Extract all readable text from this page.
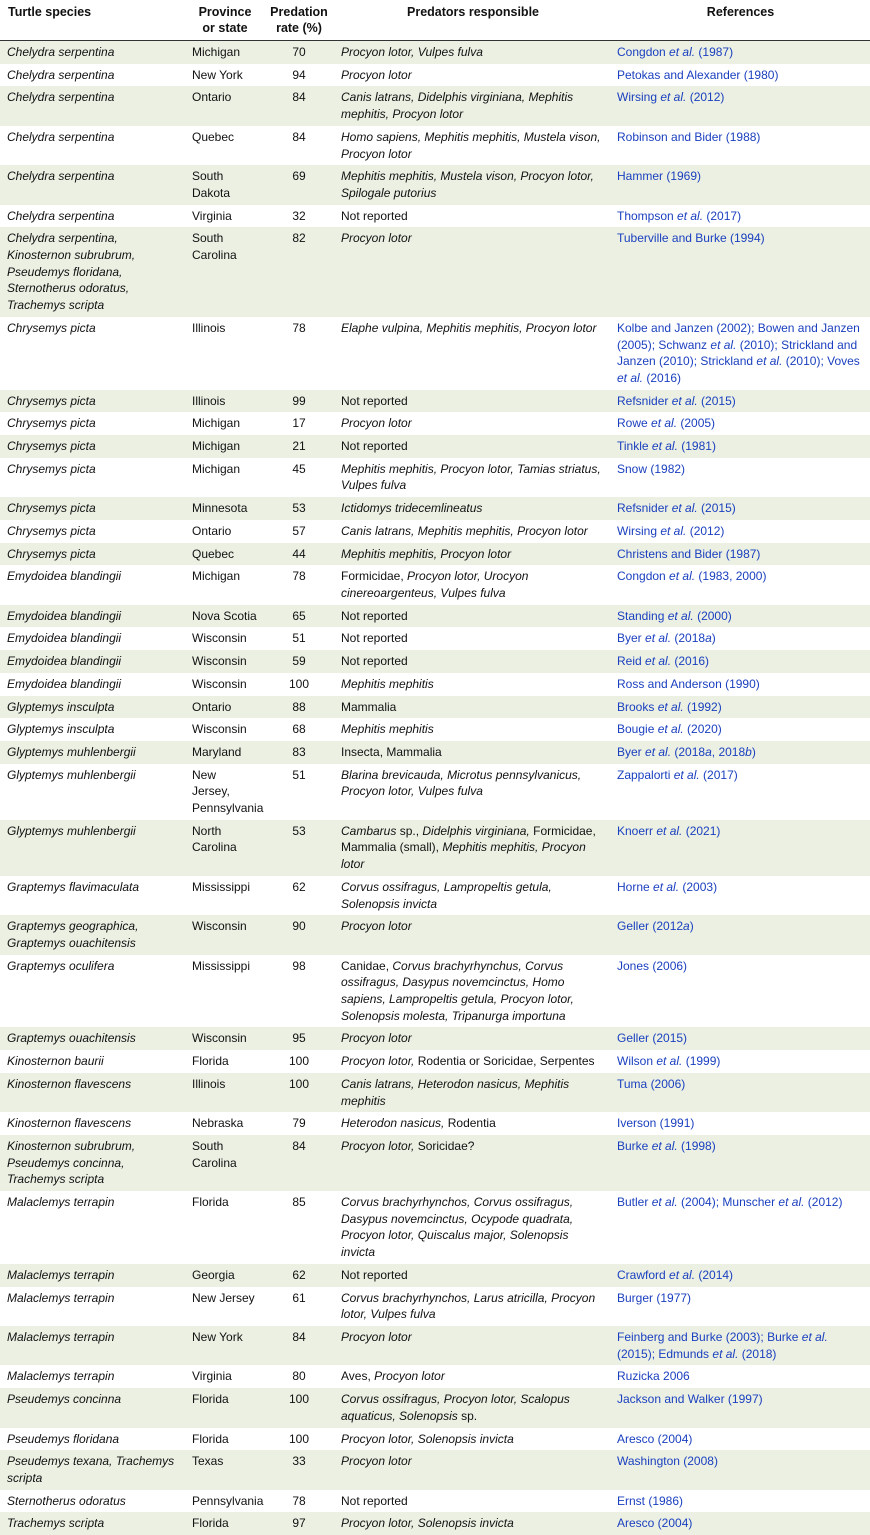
Turtle species	Province or state	Predation rate (%)	Predators responsible	References
Chelydra serpentina	Michigan	70	Procyon lotor, Vulpes fulva	Congdon et al. (1987)
Chelydra serpentina	New York	94	Procyon lotor	Petokas and Alexander (1980)
Chelydra serpentina	Ontario	84	Canis latrans, Didelphis virginiana, Mephitis mephitis, Procyon lotor	Wirsing et al. (2012)
Chelydra serpentina	Quebec	84	Homo sapiens, Mephitis mephitis, Mustela vison, Procyon lotor	Robinson and Bider (1988)
Chelydra serpentina	South Dakota	69	Mephitis mephitis, Mustela vison, Procyon lotor, Spilogale putorius	Hammer (1969)
Chelydra serpentina	Virginia	32	Not reported	Thompson et al. (2017)
Chelydra serpentina, Kinosternon subrubrum, Pseudemys floridana, Sternotherus odoratus, Trachemys scripta	South Carolina	82	Procyon lotor	Tuberville and Burke (1994)
Chrysemys picta	Illinois	78	Elaphe vulpina, Mephitis mephitis, Procyon lotor	Kolbe and Janzen (2002); Bowen and Janzen (2005); Schwanz et al. (2010); Strickland and Janzen (2010); Strickland et al. (2010); Voves et al. (2016)
Chrysemys picta	Illinois	99	Not reported	Refsnider et al. (2015)
Chrysemys picta	Michigan	17	Procyon lotor	Rowe et al. (2005)
Chrysemys picta	Michigan	21	Not reported	Tinkle et al. (1981)
Chrysemys picta	Michigan	45	Mephitis mephitis, Procyon lotor, Tamias striatus, Vulpes fulva	Snow (1982)
Chrysemys picta	Minnesota	53	Ictidomys tridecemlineatus	Refsnider et al. (2015)
Chrysemys picta	Ontario	57	Canis latrans, Mephitis mephitis, Procyon lotor	Wirsing et al. (2012)
Chrysemys picta	Quebec	44	Mephitis mephitis, Procyon lotor	Christens and Bider (1987)
Emydoidea blandingii	Michigan	78	Formicidae, Procyon lotor, Urocyon cinereoargenteus, Vulpes fulva	Congdon et al. (1983, 2000)
Emydoidea blandingii	Nova Scotia	65	Not reported	Standing et al. (2000)
Emydoidea blandingii	Wisconsin	51	Not reported	Byer et al. (2018a)
Emydoidea blandingii	Wisconsin	59	Not reported	Reid et al. (2016)
Emydoidea blandingii	Wisconsin	100	Mephitis mephitis	Ross and Anderson (1990)
Glyptemys insculpta	Ontario	88	Mammalia	Brooks et al. (1992)
Glyptemys insculpta	Wisconsin	68	Mephitis mephitis	Bougie et al. (2020)
Glyptemys muhlenbergii	Maryland	83	Insecta, Mammalia	Byer et al. (2018a, 2018b)
Glyptemys muhlenbergii	New Jersey, Pennsylvania	51	Blarina brevicauda, Microtus pennsylvanicus, Procyon lotor, Vulpes fulva	Zappalorti et al. (2017)
Glyptemys muhlenbergii	North Carolina	53	Cambarus sp., Didelphis virginiana, Formicidae, Mammalia (small), Mephitis mephitis, Procyon lotor	Knoerr et al. (2021)
Graptemys flavimaculata	Mississippi	62	Corvus ossifragus, Lampropeltis getula, Solenopsis invicta	Horne et al. (2003)
Graptemys geographica, Graptemys ouachitensis	Wisconsin	90	Procyon lotor	Geller (2012a)
Graptemys oculifera	Mississippi	98	Canidae, Corvus brachyrhynchus, Corvus ossifragus, Dasypus novemcinctus, Homo sapiens, Lampropeltis getula, Procyon lotor, Solenopsis molesta, Tripanurga importuna	Jones (2006)
Graptemys ouachitensis	Wisconsin	95	Procyon lotor	Geller (2015)
Kinosternon baurii	Florida	100	Procyon lotor, Rodentia or Soricidae, Serpentes	Wilson et al. (1999)
Kinosternon flavescens	Illinois	100	Canis latrans, Heterodon nasicus, Mephitis mephitis	Tuma (2006)
Kinosternon flavescens	Nebraska	79	Heterodon nasicus, Rodentia	Iverson (1991)
Kinosternon subrubrum, Pseudemys concinna, Trachemys scripta	South Carolina	84	Procyon lotor, Soricidae?	Burke et al. (1998)
Malaclemys terrapin	Florida	85	Corvus brachyrhynchos, Corvus ossifragus, Dasypus novemcinctus, Ocypode quadrata, Procyon lotor, Quiscalus major, Solenopsis invicta	Butler et al. (2004); Munscher et al. (2012)
Malaclemys terrapin	Georgia	62	Not reported	Crawford et al. (2014)
Malaclemys terrapin	New Jersey	61	Corvus brachyrhynchos, Larus atricilla, Procyon lotor, Vulpes fulva	Burger (1977)
Malaclemys terrapin	New York	84	Procyon lotor	Feinberg and Burke (2003); Burke et al. (2015); Edmunds et al. (2018)
Malaclemys terrapin	Virginia	80	Aves, Procyon lotor	Ruzicka 2006
Pseudemys concinna	Florida	100	Corvus ossifragus, Procyon lotor, Scalopus aquaticus, Solenopsis sp.	Jackson and Walker (1997)
Pseudemys floridana	Florida	100	Procyon lotor, Solenopsis invicta	Aresco (2004)
Pseudemys texana, Trachemys scripta	Texas	33	Procyon lotor	Washington (2008)
Sternotherus odoratus	Pennsylvania	78	Not reported	Ernst (1986)
Trachemys scripta	Florida	97	Procyon lotor, Solenopsis invicta	Aresco (2004)
